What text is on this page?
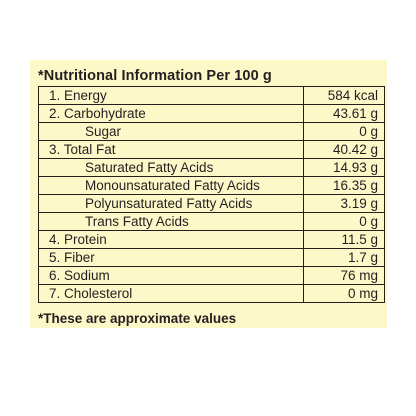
*Nutritional Information Per 100 g
1. Energy	584 kcal
2. Carbohydrate	43.61 g
Sugar	0 g
3. Total Fat	40.42 g
Saturated Fatty Acids	14.93 g
Monounsaturated Fatty Acids	16.35 g
Polyunsaturated Fatty Acids	3.19 g
Trans Fatty Acids	0 g
4. Protein	11.5 g
5. Fiber	1.7 g
6. Sodium	76 mg
7. Cholesterol	0 mg
*These are approximate values
